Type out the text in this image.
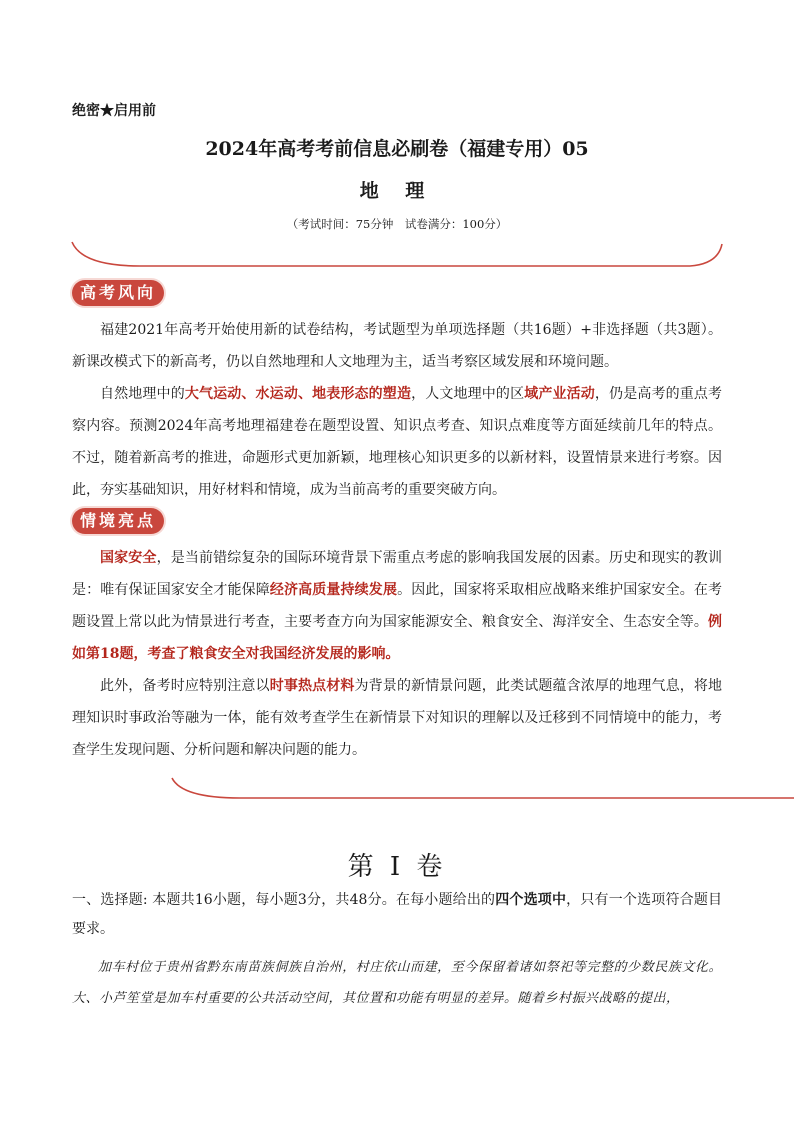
绝密★启用前
2024年高考考前信息必刷卷（福建专用）05
地 理
（考试时间：75分钟　试卷满分：100分）
高考风向
福建2021年高考开始使用新的试卷结构，考试题型为单项选择题（共16题）+非选择题（共3题）。新课改模式下的新高考，仍以自然地理和人文地理为主，适当考察区域发展和环境问题。
自然地理中的大气运动、水运动、地表形态的塑造，人文地理中的区域产业活动，仍是高考的重点考察内容。预测2024年高考地理福建卷在题型设置、知识点考查、知识点难度等方面延续前几年的特点。不过，随着新高考的推进，命题形式更加新颖，地理核心知识更多的以新材料，设置情景来进行考察。因此，夯实基础知识，用好材料和情境，成为当前高考的重要突破方向。
情境亮点
国家安全，是当前错综复杂的国际环境背景下需重点考虑的影响我国发展的因素。历史和现实的教训是：唯有保证国家安全才能保障经济高质量持续发展。因此，国家将采取相应战略来维护国家安全。在考题设置上常以此为情景进行考查，主要考查方向为国家能源安全、粮食安全、海洋安全、生态安全等。例如第18题，考查了粮食安全对我国经济发展的影响。
此外，备考时应特别注意以时事热点材料为背景的新情景问题，此类试题蕴含浓厚的地理气息，将地理知识时事政治等融为一体，能有效考查学生在新情景下对知识的理解以及迁移到不同情境中的能力，考查学生发现问题、分析问题和解决问题的能力。
第 I 卷
一、选择题: 本题共16小题，每小题3分，共48分。在每小题给出的四个选项中，只有一个选项符合题目要求。
加车村位于贵州省黔东南苗族侗族自治州，村庄依山而建，至今保留着诸如祭祀等完整的少数民族文化。大、小芦笙堂是加车村重要的公共活动空间，其位置和功能有明显的差异。随着乡村振兴战略的提出，
